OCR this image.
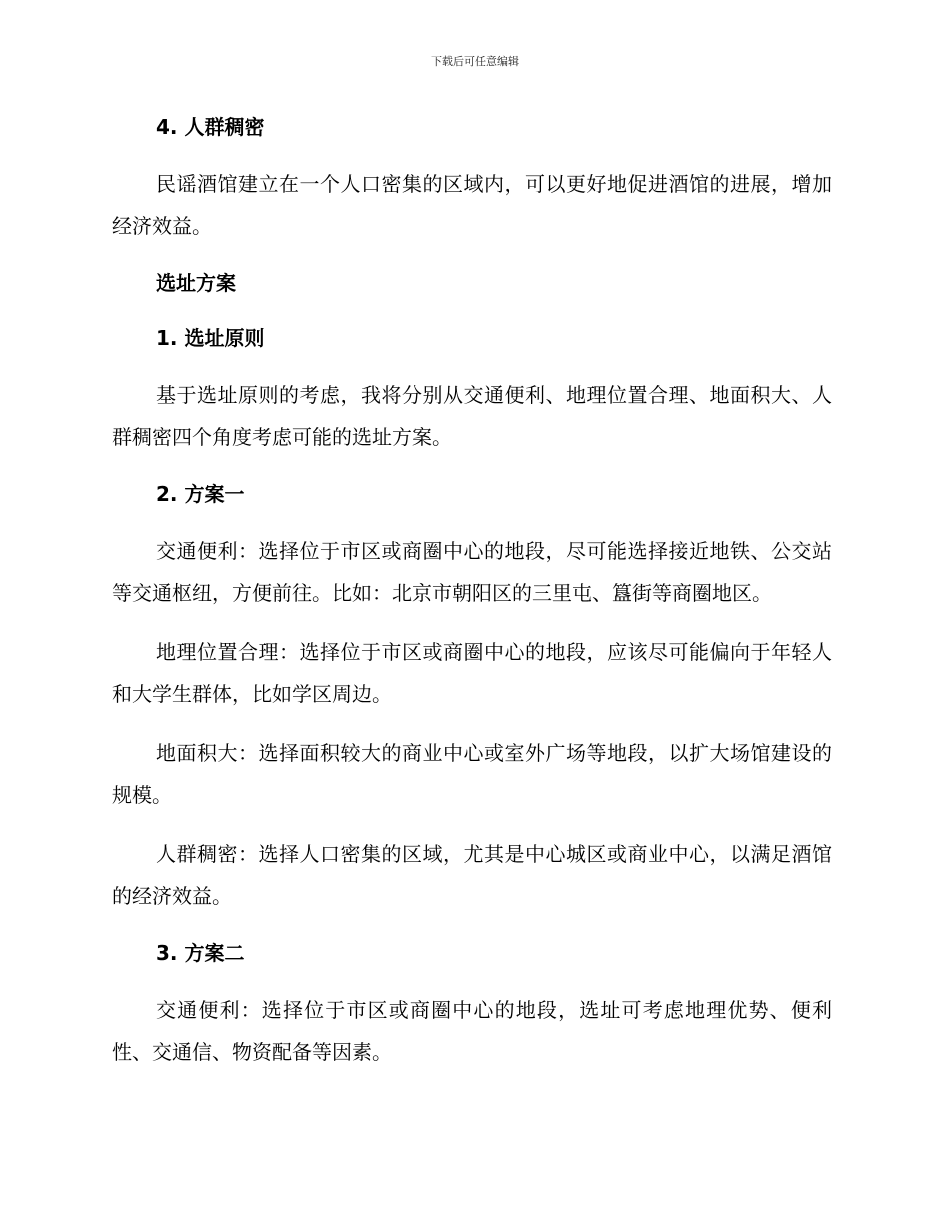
下载后可任意编辑
4. 人群稠密

民谣酒馆建立在一个人口密集的区域内，可以更好地促进酒馆的进展，增加经济效益。

选址方案
1. 选址原则

基于选址原则的考虑，我将分别从交通便利、地理位置合理、地面积大、人群稠密四个角度考虑可能的选址方案。

2. 方案一

交通便利：选择位于市区或商圈中心的地段，尽可能选择接近地铁、公交站等交通枢纽，方便前往。比如：北京市朝阳区的三里屯、簋街等商圈地区。

地理位置合理：选择位于市区或商圈中心的地段，应该尽可能偏向于年轻人和大学生群体，比如学区周边。

地面积大：选择面积较大的商业中心或室外广场等地段，以扩大场馆建设的规模。

人群稠密：选择人口密集的区域，尤其是中心城区或商业中心，以满足酒馆的经济效益。

3. 方案二

交通便利：选择位于市区或商圈中心的地段，选址可考虑地理优势、便利性、交通信、物资配备等因素。
